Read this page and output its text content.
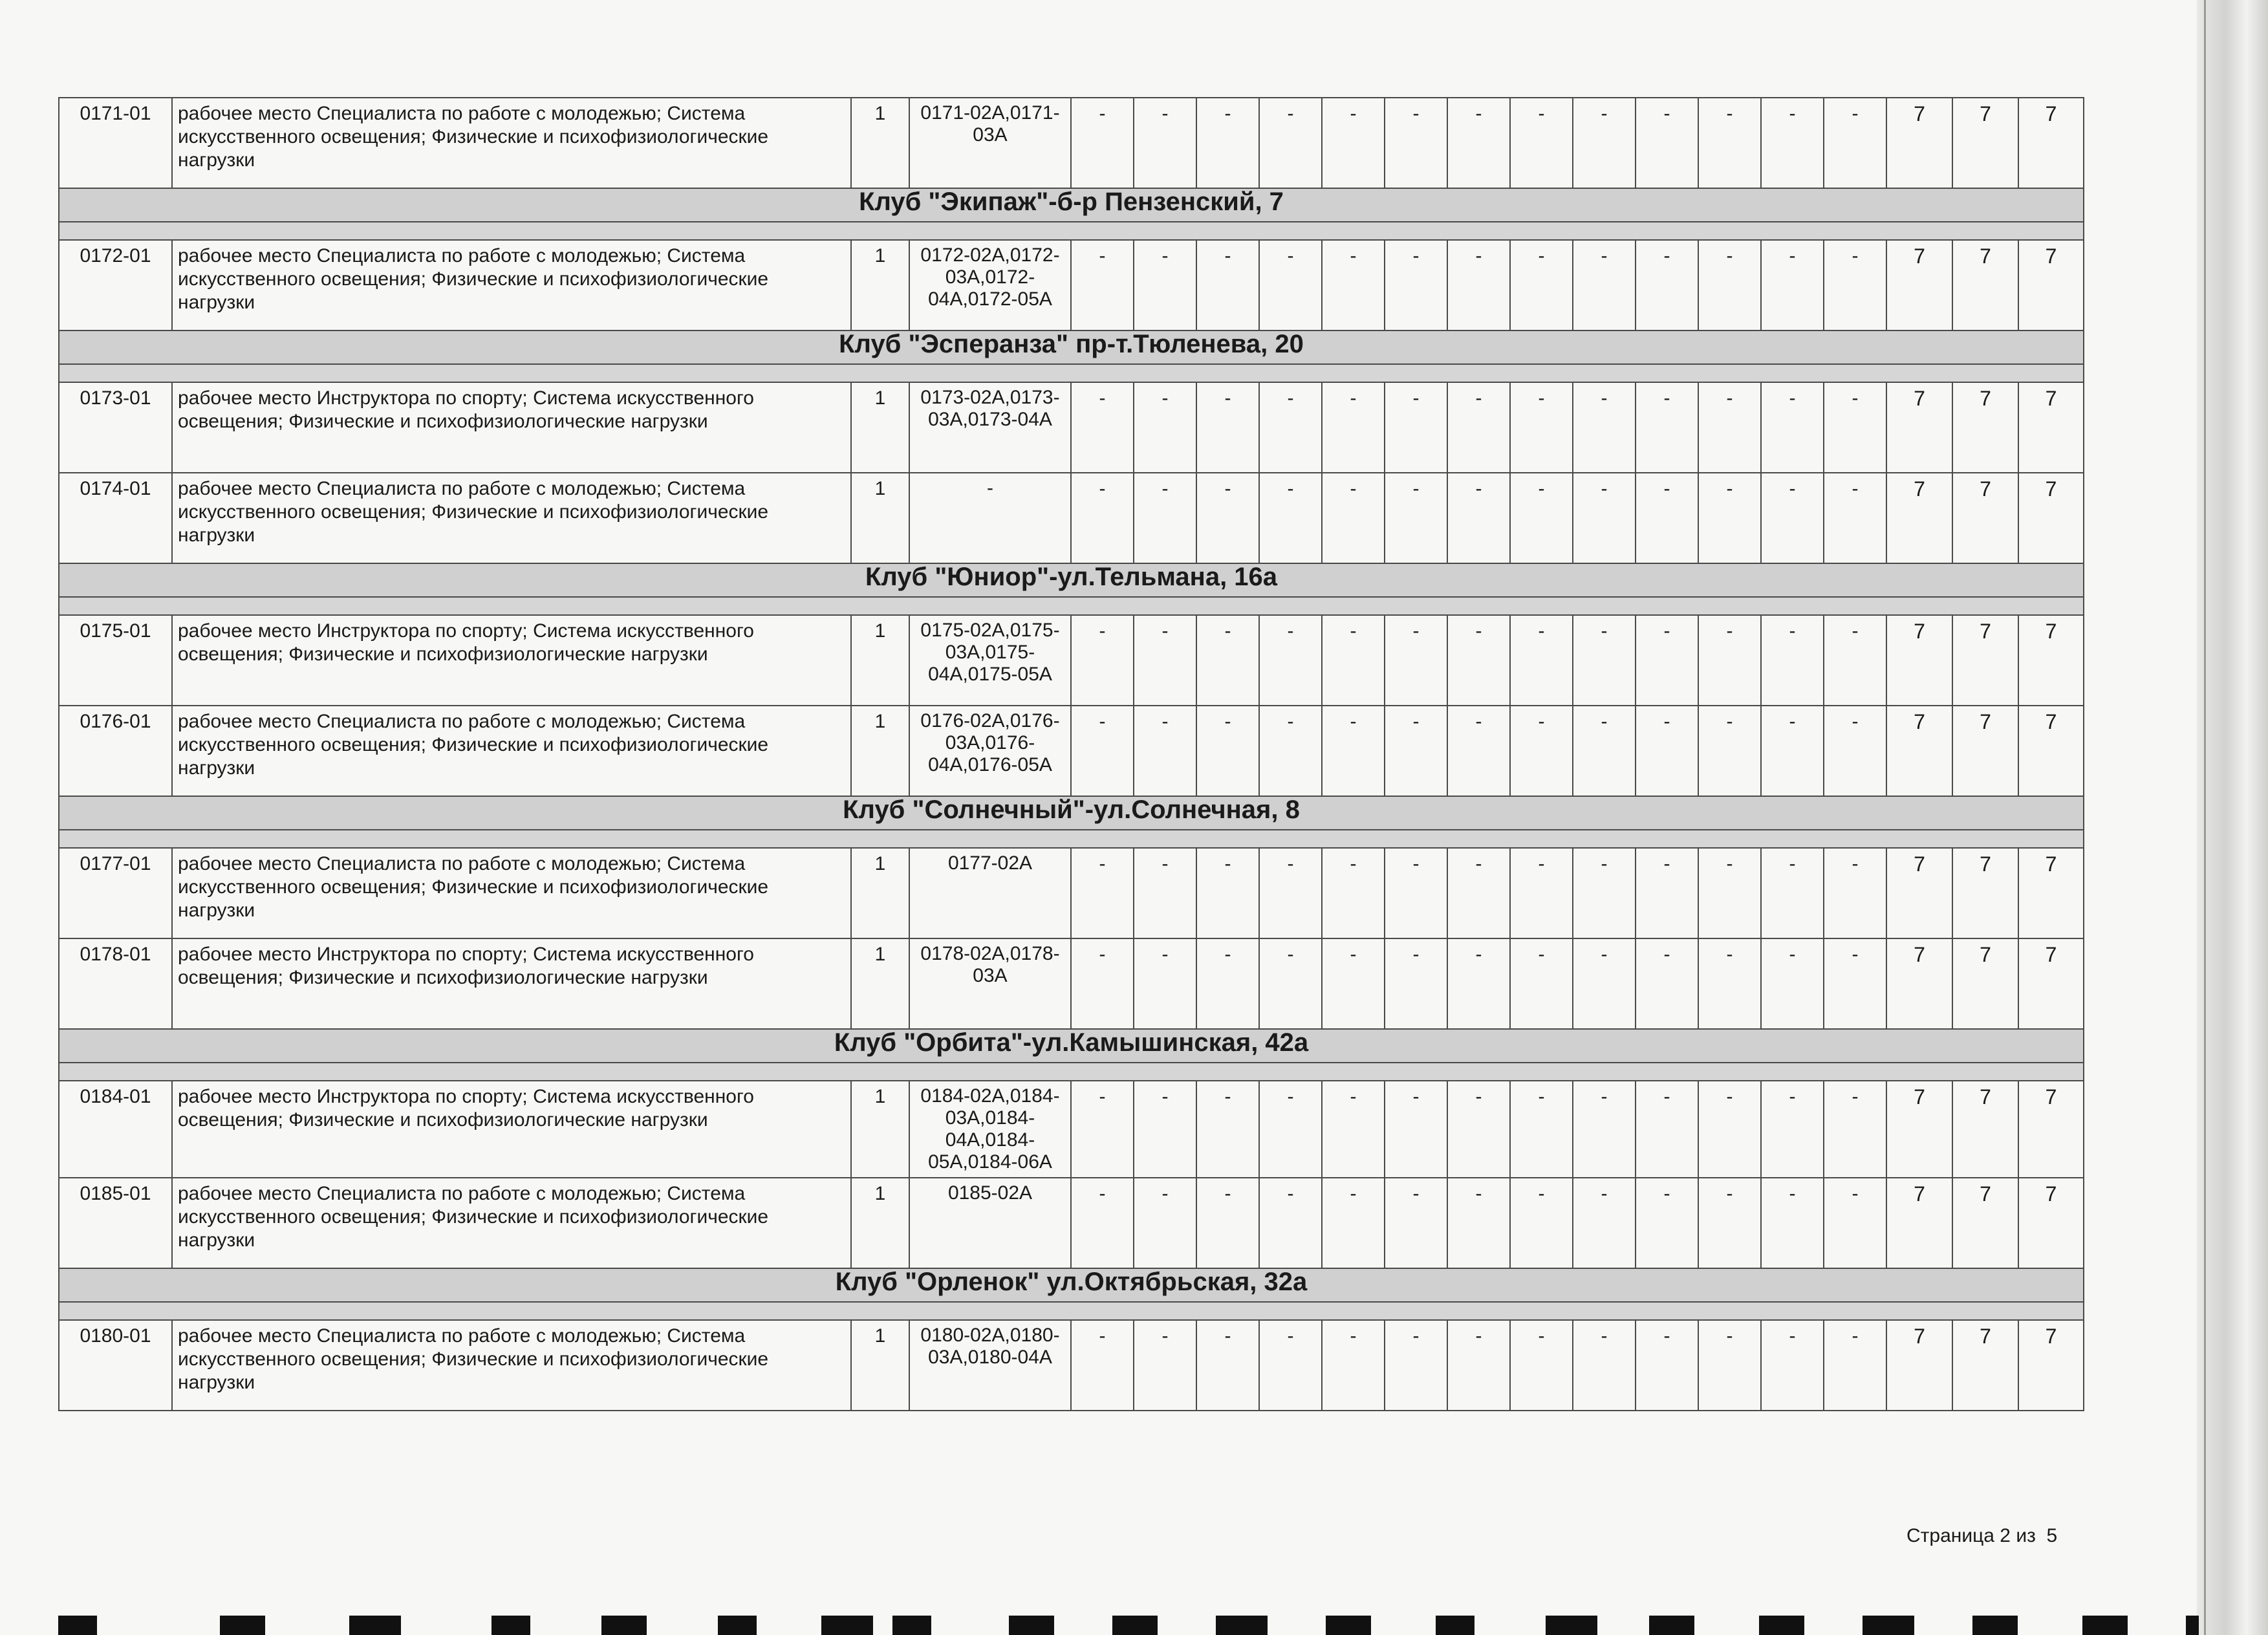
0171-01	рабочее место Специалиста по работе с молодежью; Система искусственного освещения; Физические и психофизиологические нагрузки	1	0171-02А,0171-03А	-	-	-	-	-	-	-	-	-	-	-	-	-	7	7	7
Клуб "Экипаж"-б-р Пензенский, 7																			

0172-01	рабочее место Специалиста по работе с молодежью; Система искусственного освещения; Физические и психофизиологические нагрузки	1	0172-02А,0172-03А,0172-04А,0172-05А	-	-	-	-	-	-	-	-	-	-	-	-	-	7	7	7
Клуб "Эсперанза" пр-т.Тюленева, 20																			

0173-01	рабочее место Инструктора по спорту; Система искусственного освещения; Физические и психофизиологические нагрузки	1	0173-02А,0173-03А,0173-04А	-	-	-	-	-	-	-	-	-	-	-	-	-	7	7	7
0174-01	рабочее место Специалиста по работе с молодежью; Система искусственного освещения; Физические и психофизиологические нагрузки	1	-	-	-	-	-	-	-	-	-	-	-	-	-	-	7	7	7
Клуб "Юниор"-ул.Тельмана, 16а																			

0175-01	рабочее место Инструктора по спорту; Система искусственного освещения; Физические и психофизиологические нагрузки	1	0175-02А,0175-03А,0175-04А,0175-05А	-	-	-	-	-	-	-	-	-	-	-	-	-	7	7	7
0176-01	рабочее место Специалиста по работе с молодежью; Система искусственного освещения; Физические и психофизиологические нагрузки	1	0176-02А,0176-03А,0176-04А,0176-05А	-	-	-	-	-	-	-	-	-	-	-	-	-	7	7	7
Клуб "Солнечный"-ул.Солнечная, 8																			

0177-01	рабочее место Специалиста по работе с молодежью; Система искусственного освещения; Физические и психофизиологические нагрузки	1	0177-02А	-	-	-	-	-	-	-	-	-	-	-	-	-	7	7	7
0178-01	рабочее место Инструктора по спорту; Система искусственного освещения; Физические и психофизиологические нагрузки	1	0178-02А,0178-03А	-	-	-	-	-	-	-	-	-	-	-	-	-	7	7	7
Клуб "Орбита"-ул.Камышинская, 42а																			

0184-01	рабочее место Инструктора по спорту; Система искусственного освещения; Физические и психофизиологические нагрузки	1	0184-02А,0184-03А,0184-04А,0184-05А,0184-06А	-	-	-	-	-	-	-	-	-	-	-	-	-	7	7	7
0185-01	рабочее место Специалиста по работе с молодежью; Система искусственного освещения; Физические и психофизиологические нагрузки	1	0185-02А	-	-	-	-	-	-	-	-	-	-	-	-	-	7	7	7
Клуб "Орленок" ул.Октябрьская, 32а																			

0180-01	рабочее место Специалиста по работе с молодежью; Система искусственного освещения; Физические и психофизиологические нагрузки	1	0180-02А,0180-03А,0180-04А	-	-	-	-	-	-	-	-	-	-	-	-	-	7	7	7
Страница 2 из 5
